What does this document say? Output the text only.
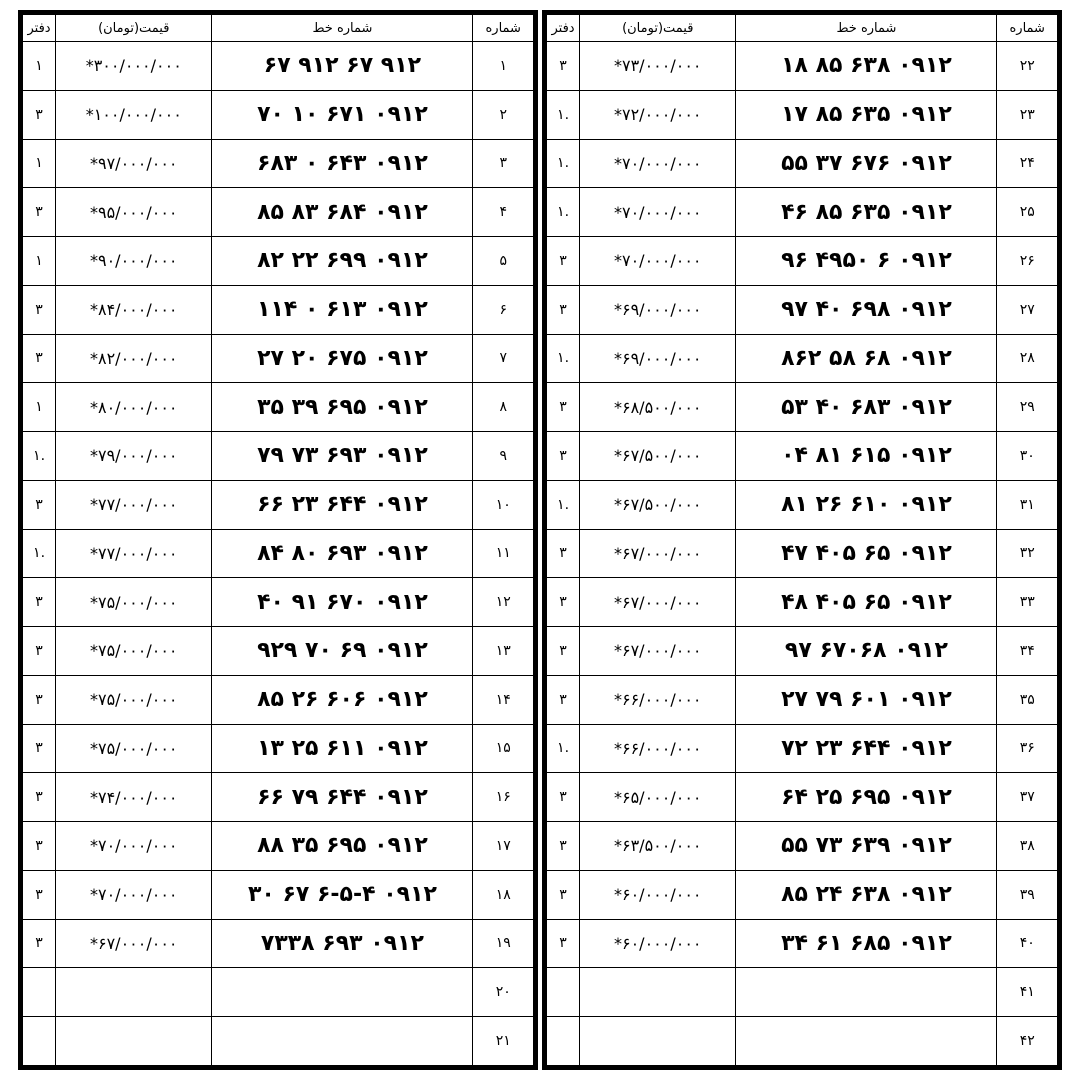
شماره	شماره خط	قیمت(تومان)	دفتر
۱	۹۱۲ ۶۷ ۹۱۲ ۶۷	۳۰۰/۰۰۰/۰۰۰*	۱
۲	۰۹۱۲ ۶۷۱ ۱۰ ۷۰	۱۰۰/۰۰۰/۰۰۰*	۳
۳	۰۹۱۲ ۶۴۳ ۰ ۶۸۳	۹۷/۰۰۰/۰۰۰*	۱
۴	۰۹۱۲ ۶۸۴ ۸۳ ۸۵	۹۵/۰۰۰/۰۰۰*	۳
۵	۰۹۱۲ ۶۹۹ ۲۲ ۸۲	۹۰/۰۰۰/۰۰۰*	۱
۶	۰۹۱۲ ۶۱۳ ۰ ۱۱۴	۸۴/۰۰۰/۰۰۰*	۳
۷	۰۹۱۲ ۶۷۵ ۲۰ ۲۷	۸۲/۰۰۰/۰۰۰*	۳
۸	۰۹۱۲ ۶۹۵ ۳۹ ۳۵	۸۰/۰۰۰/۰۰۰*	۱
۹	۰۹۱۲ ۶۹۳ ۷۳ ۷۹	۷۹/۰۰۰/۰۰۰*	.۱
۱۰	۰۹۱۲ ۶۴۴ ۲۳ ۶۶	۷۷/۰۰۰/۰۰۰*	۳
۱۱	۰۹۱۲ ۶۹۳ ۸۰ ۸۴	۷۷/۰۰۰/۰۰۰*	.۱
۱۲	۰۹۱۲ ۶۷۰ ۹۱ ۴۰	۷۵/۰۰۰/۰۰۰*	۳
۱۳	۰۹۱۲ ۶۹ ۷۰ ۹۲۹	۷۵/۰۰۰/۰۰۰*	۳
۱۴	۰۹۱۲ ۶۰۶ ۲۶ ۸۵	۷۵/۰۰۰/۰۰۰*	۳
۱۵	۰۹۱۲ ۶۱۱ ۲۵ ۱۳	۷۵/۰۰۰/۰۰۰*	۳
۱۶	۰۹۱۲ ۶۴۴ ۷۹ ۶۶	۷۴/۰۰۰/۰۰۰*	۳
۱۷	۰۹۱۲ ۶۹۵ ۳۵ ۸۸	۷۰/۰۰۰/۰۰۰*	۳
۱۸	۰۹۱۲ ۶-۵-۴ ۶۷ ۳۰	۷۰/۰۰۰/۰۰۰*	۳
۱۹	۰۹۱۲ ۶۹۳ ۷۳۳۸	۶۷/۰۰۰/۰۰۰*	۳
۲۰			
۲۱			
شماره	شماره خط	قیمت(تومان)	دفتر
۲۲	۰۹۱۲ ۶۳۸ ۸۵ ۱۸	۷۳/۰۰۰/۰۰۰*	۳
۲۳	۰۹۱۲ ۶۳۵ ۸۵ ۱۷	۷۲/۰۰۰/۰۰۰*	.۱
۲۴	۰۹۱۲ ۶۷۶ ۳۷ ۵۵	۷۰/۰۰۰/۰۰۰*	.۱
۲۵	۰۹۱۲ ۶۳۵ ۸۵ ۴۶	۷۰/۰۰۰/۰۰۰*	.۱
۲۶	۰۹۱۲ ۶ ۴۹۵۰ ۹۶	۷۰/۰۰۰/۰۰۰*	۳
۲۷	۰۹۱۲ ۶۹۸ ۴۰ ۹۷	۶۹/۰۰۰/۰۰۰*	۳
۲۸	۰۹۱۲ ۶۸ ۵۸ ۸۶۲	۶۹/۰۰۰/۰۰۰*	.۱
۲۹	۰۹۱۲ ۶۸۳ ۴۰ ۵۳	۶۸/۵۰۰/۰۰۰*	۳
۳۰	۰۹۱۲ ۶۱۵ ۸۱ ۰۴	۶۷/۵۰۰/۰۰۰*	۳
۳۱	۰۹۱۲ ۶۱۰ ۲۶ ۸۱	۶۷/۵۰۰/۰۰۰*	.۱
۳۲	۰۹۱۲ ۶۵ ۴۰۵ ۴۷	۶۷/۰۰۰/۰۰۰*	۳
۳۳	۰۹۱۲ ۶۵ ۴۰۵ ۴۸	۶۷/۰۰۰/۰۰۰*	۳
۳۴	۰۹۱۲ ۶۷۰۶۸ ۹۷	۶۷/۰۰۰/۰۰۰*	۳
۳۵	۰۹۱۲ ۶۰۱ ۷۹ ۲۷	۶۶/۰۰۰/۰۰۰*	۳
۳۶	۰۹۱۲ ۶۴۴ ۲۳ ۷۲	۶۶/۰۰۰/۰۰۰*	.۱
۳۷	۰۹۱۲ ۶۹۵ ۲۵ ۶۴	۶۵/۰۰۰/۰۰۰*	۳
۳۸	۰۹۱۲ ۶۳۹ ۷۳ ۵۵	۶۳/۵۰۰/۰۰۰*	۳
۳۹	۰۹۱۲ ۶۳۸ ۲۴ ۸۵	۶۰/۰۰۰/۰۰۰*	۳
۴۰	۰۹۱۲ ۶۸۵ ۶۱ ۳۴	۶۰/۰۰۰/۰۰۰*	۳
۴۱			
۴۲			
